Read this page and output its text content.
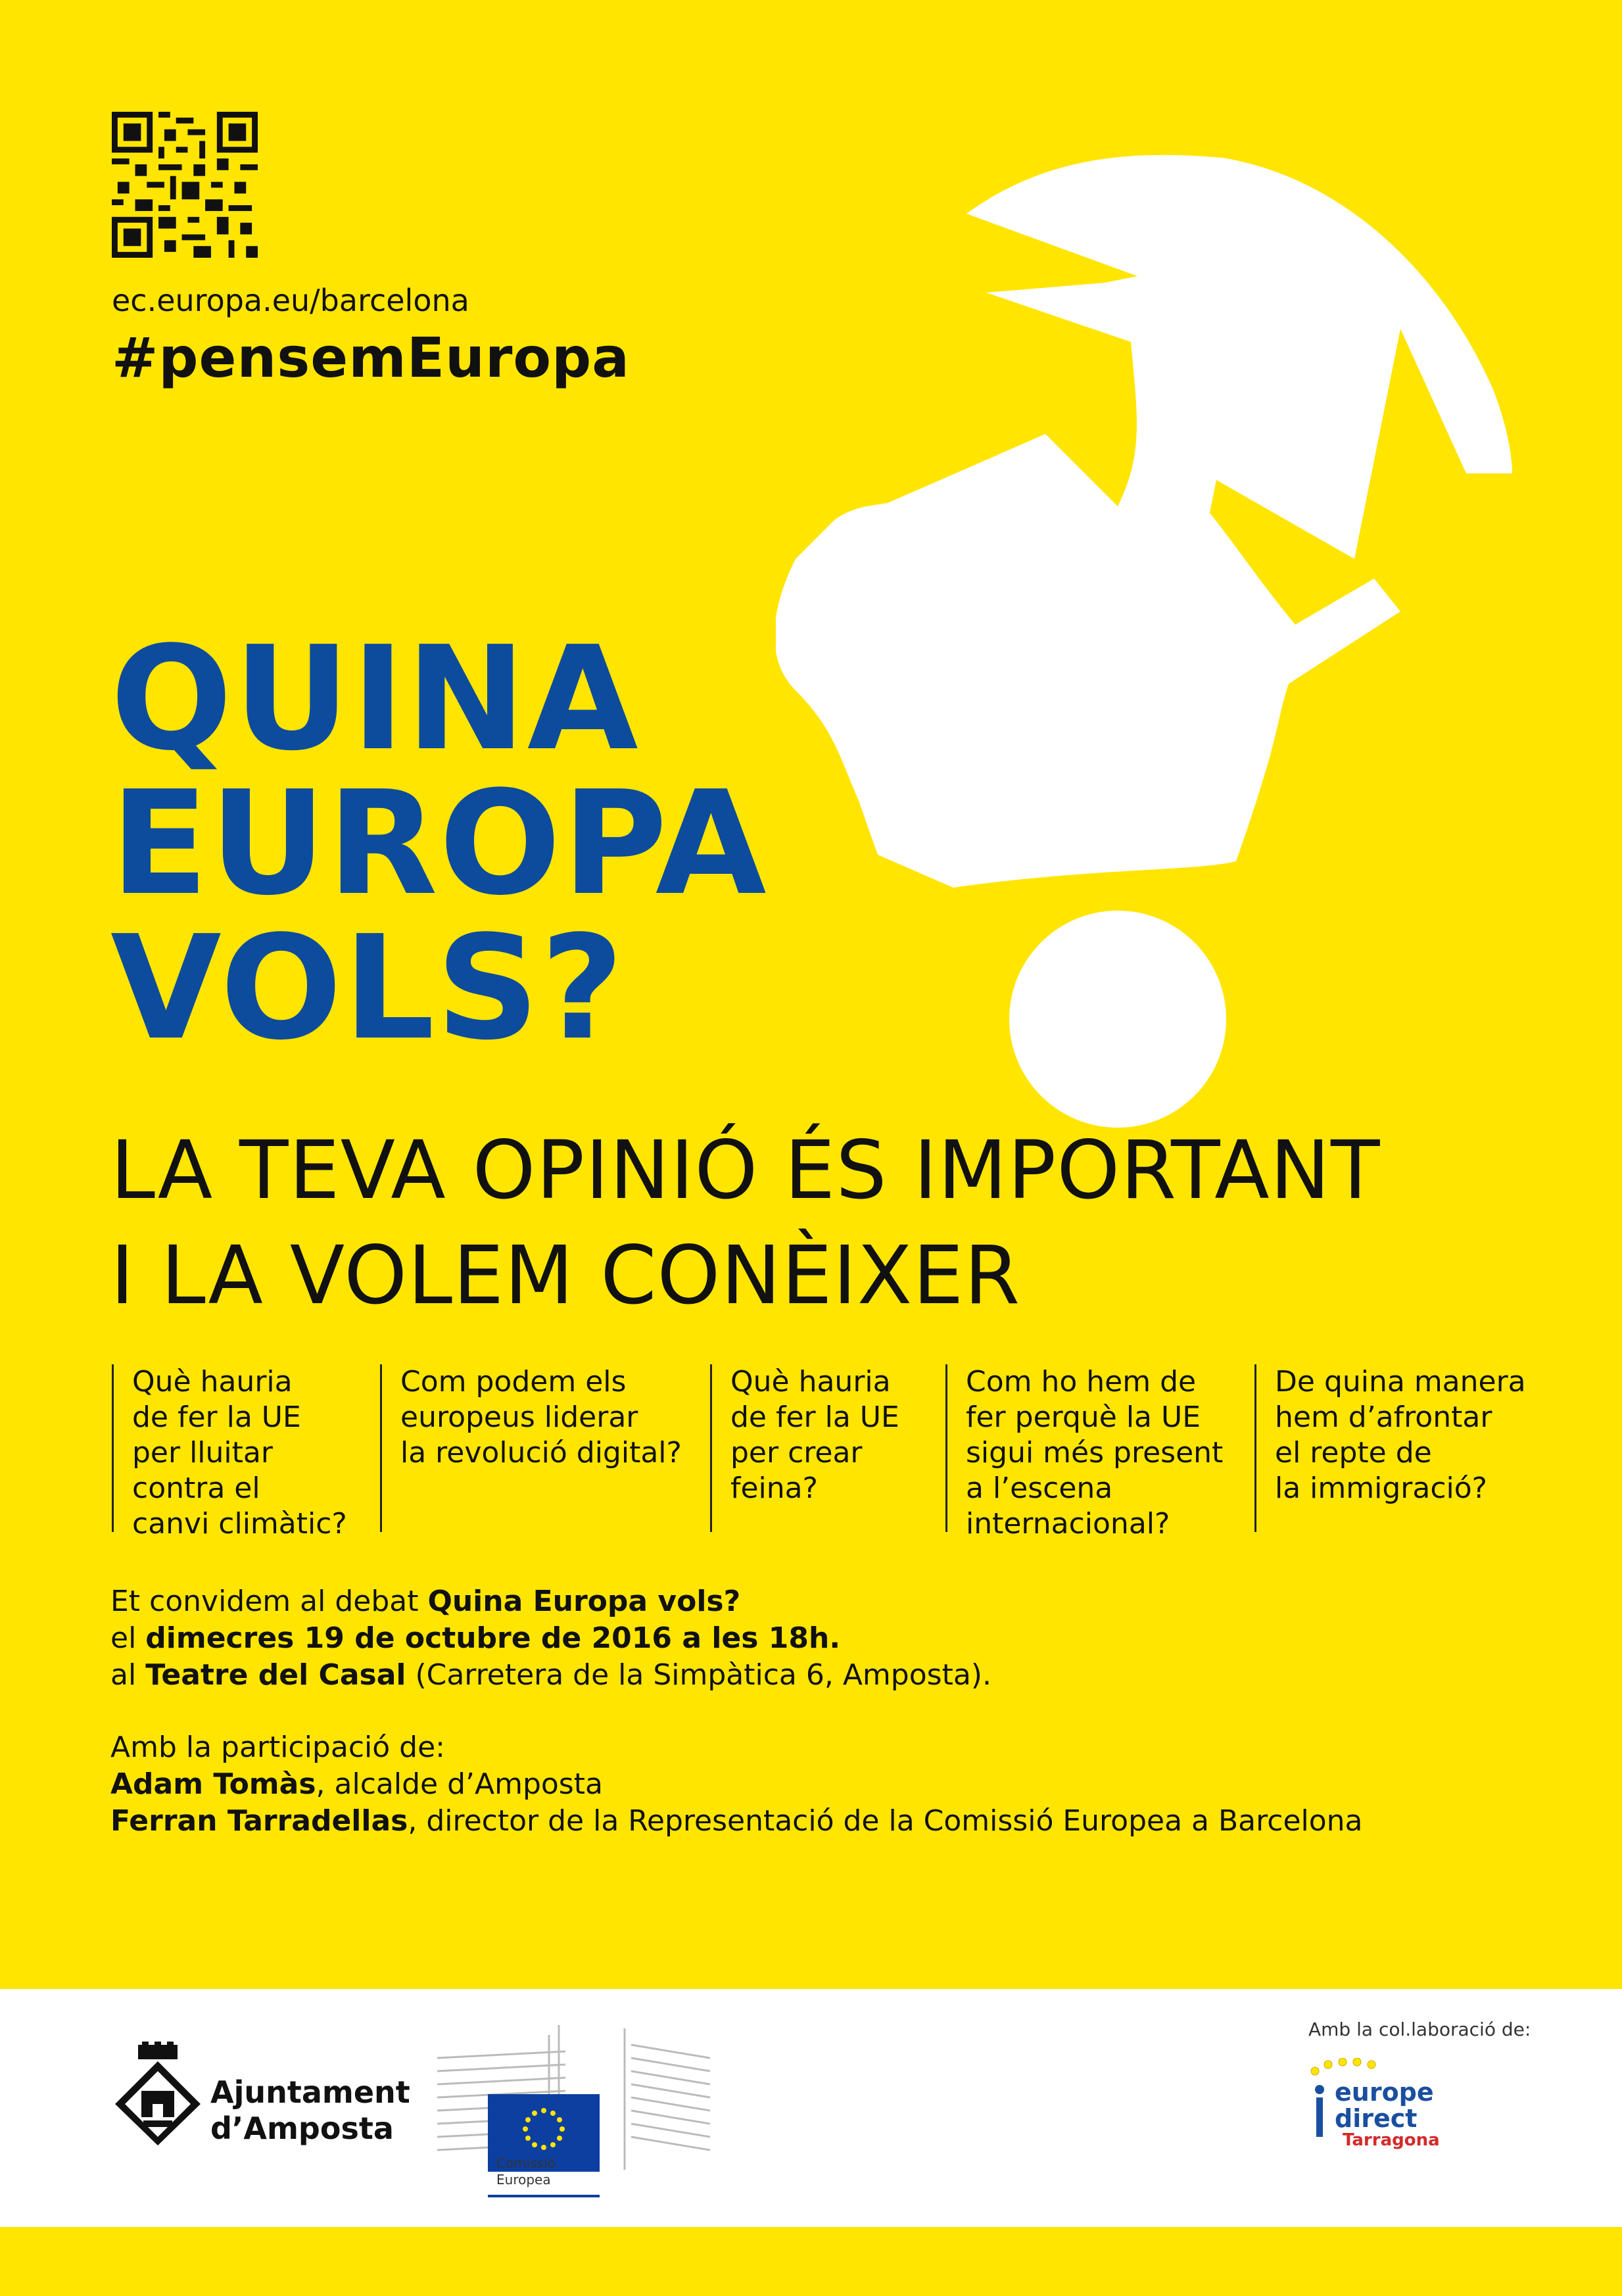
ec.europa.eu/barcelona
#pensemEuropa
QUINA
EUROPA
VOLS?
LA TEVA OPINIÓ ÉS IMPORTANT
I LA VOLEM CONÈIXER
Què hauria
de fer la UE
per lluitar
contra el
canvi climàtic?
Com podem els
europeus liderar
la revolució digital?
Què hauria
de fer la UE
per crear
feina?
Com ho hem de
fer perquè la UE
sigui més present
a l’escena
internacional?
De quina manera
hem d’afrontar
el repte de
la immigració?
Et convidem al debat Quina Europa vols?
el dimecres 19 de octubre de 2016 a les 18h.
al Teatre del Casal (Carretera de la Simpàtica 6, Amposta).
Amb la participació de:
Adam Tomàs, alcalde d’Amposta
Ferran Tarradellas, director de la Representació de la Comissió Europea a Barcelona
Ajuntament
d’Amposta
Comissió
Europea
Amb la col.laboració de:
europe
direct
Tarragona
